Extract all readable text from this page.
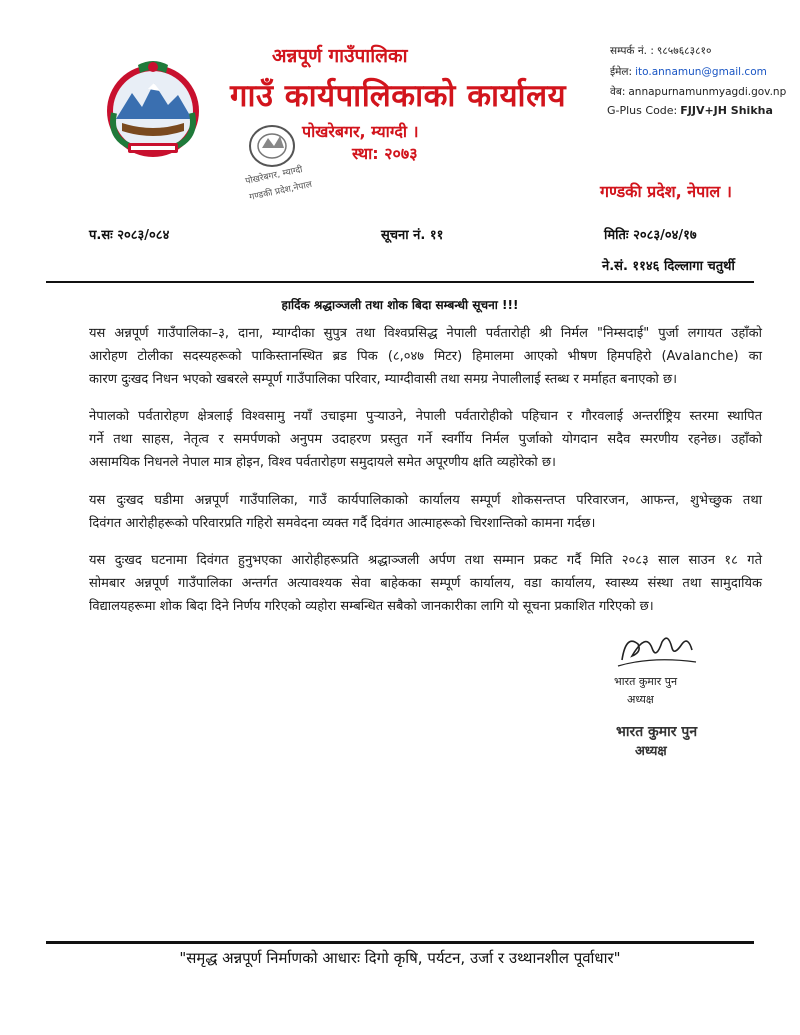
अन्नपूर्ण गाउँपालिका
गाउँ कार्यपालिकाको कार्यालय
पोखरेबगर, म्याग्दी ।
स्था: २०७३
पोखरेबगर, म्याग्दी
गण्डकी प्रदेश,नेपाल
सम्पर्क नं. : ९८५७६८३८१०
ईमेल: ito.annamun@gmail.com
वेब: annapurnamunmyagdi.gov.np
G-Plus Code: FJJV+JH Shikha
गण्डकी प्रदेश, नेपाल ।
प.सः २०८३/०८४	सूचना नं. ११	मितिः २०८३/०४/१७
ने.सं. ११४६ दिल्लागा चतुर्थी
हार्दिक श्रद्धाञ्जली तथा शोक बिदा सम्बन्धी सूचना !!!
यस अन्नपूर्ण गाउँपालिका–३, दाना, म्याग्दीका सुपुत्र तथा विश्वप्रसिद्ध नेपाली पर्वतारोही श्री निर्मल "निम्सदाई" पुर्जा लगायत उहाँको
आरोहण टोलीका सदस्यहरूको पाकिस्तानस्थित ब्रड पिक (८,०४७ मिटर) हिमालमा आएको भीषण हिमपहिरो (Avalanche) का
कारण दुःखद निधन भएको खबरले सम्पूर्ण गाउँपालिका परिवार, म्याग्दीवासी तथा समग्र नेपालीलाई स्तब्ध र मर्माहत बनाएको छ।
नेपालको पर्वतारोहण क्षेत्रलाई विश्वसामु नयाँ उचाइमा पुऱ्याउने, नेपाली पर्वतारोहीको पहिचान र गौरवलाई अन्तर्राष्ट्रिय स्तरमा स्थापित
गर्ने तथा साहस, नेतृत्व र समर्पणको अनुपम उदाहरण प्रस्तुत गर्ने स्वर्गीय निर्मल पुर्जाको योगदान सदैव स्मरणीय रहनेछ। उहाँको
असामयिक निधनले नेपाल मात्र होइन, विश्व पर्वतारोहण समुदायले समेत अपूरणीय क्षति व्यहोरेको छ।
यस दुःखद घडीमा अन्नपूर्ण गाउँपालिका, गाउँ कार्यपालिकाको कार्यालय सम्पूर्ण शोकसन्तप्त परिवारजन, आफन्त, शुभेच्छुक तथा
दिवंगत आरोहीहरूको परिवारप्रति गहिरो समवेदना व्यक्त गर्दै दिवंगत आत्माहरूको चिरशान्तिको कामना गर्दछ।
यस दुःखद घटनामा दिवंगत हुनुभएका आरोहीहरूप्रति श्रद्धाञ्जली अर्पण तथा सम्मान प्रकट गर्दै मिति २०८३ साल साउन १८ गते
सोमबार अन्नपूर्ण गाउँपालिका अन्तर्गत अत्यावश्यक सेवा बाहेकका सम्पूर्ण कार्यालय, वडा कार्यालय, स्वास्थ्य संस्था तथा सामुदायिक
विद्यालयहरूमा शोक बिदा दिने निर्णय गरिएको व्यहोरा सम्बन्धित सबैको जानकारीका लागि यो सूचना प्रकाशित गरिएको छ।
भारत कुमार पुन
अध्यक्ष
भारत कुमार पुन
अध्यक्ष
"समृद्ध अन्नपूर्ण निर्माणको आधारः दिगो कृषि, पर्यटन, उर्जा र उथ्थानशील पूर्वाधार"
